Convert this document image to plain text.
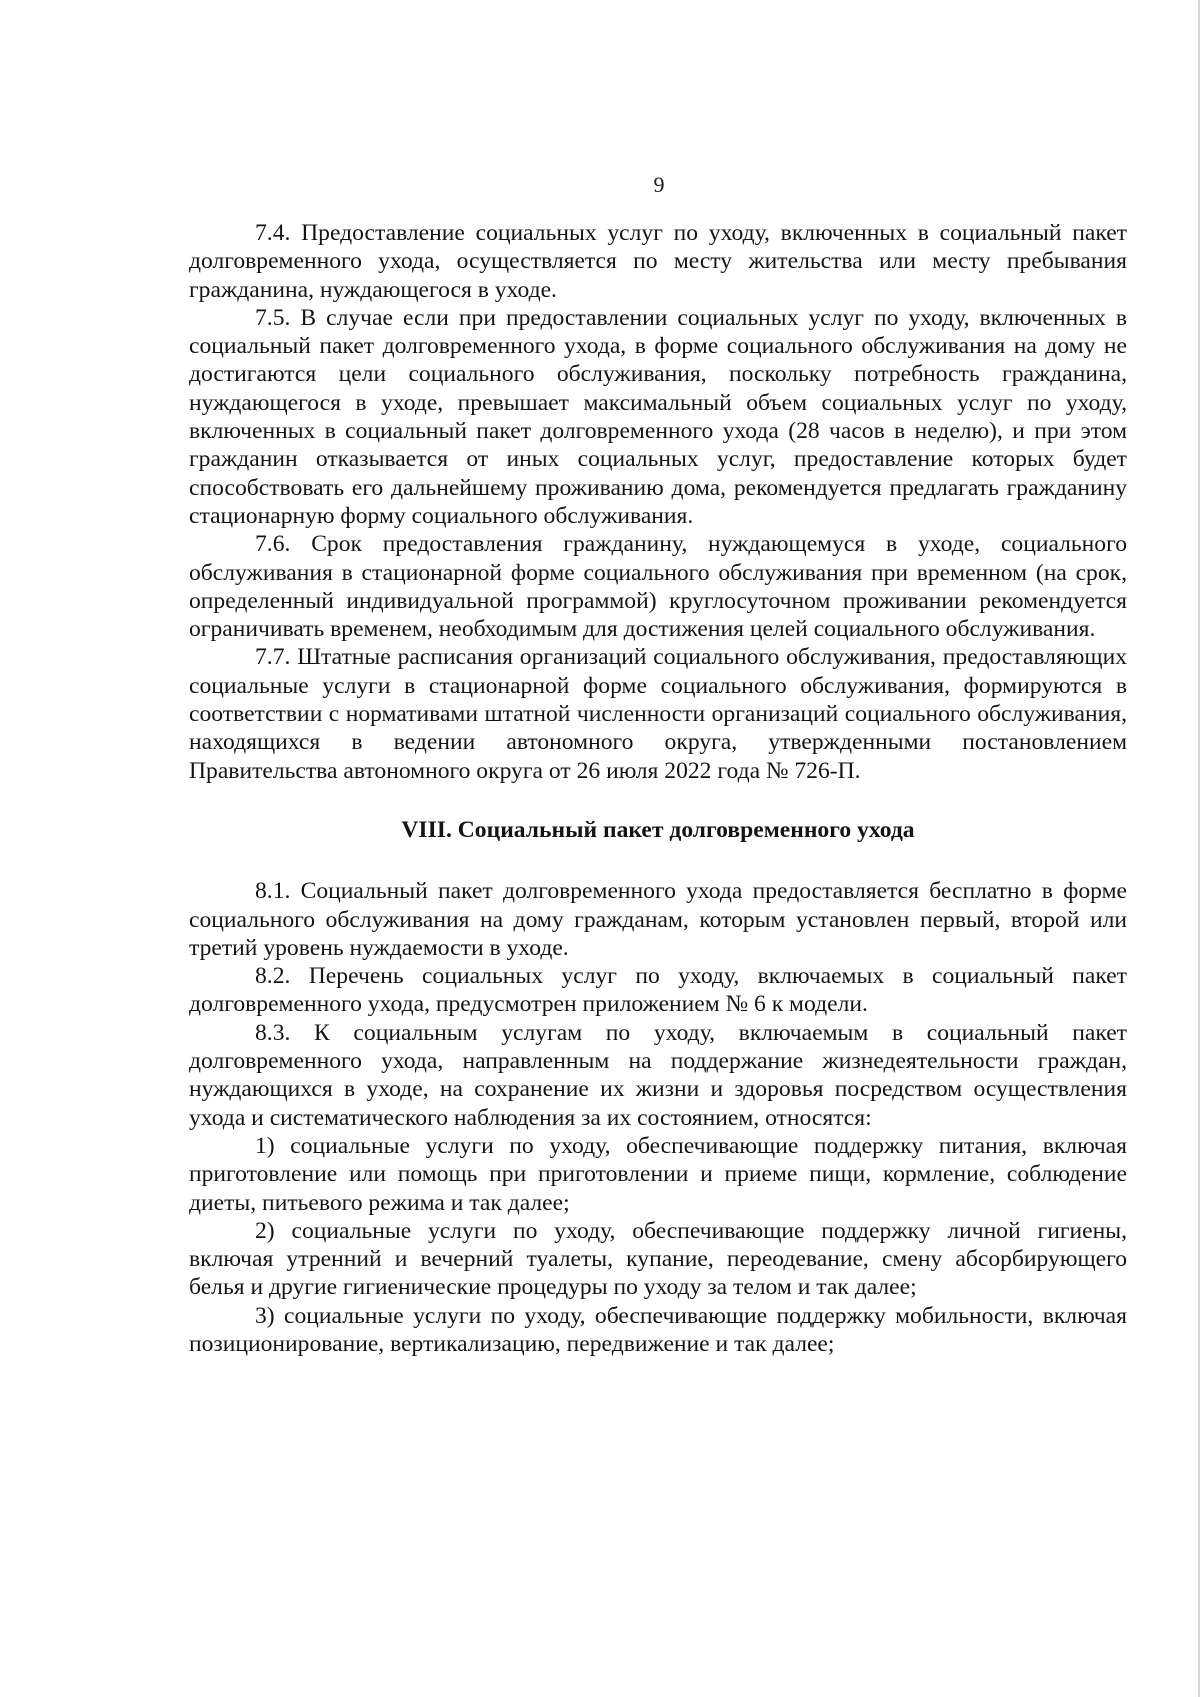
9

7.4. Предоставление социальных услуг по уходу, включенных в социальный пакет долговременного ухода, осуществляется по месту жительства или месту пребывания гражданина, нуждающегося в уходе.

7.5. В случае если при предоставлении социальных услуг по уходу, включенных в социальный пакет долговременного ухода, в форме социального обслуживания на дому не достигаются цели социального обслуживания, поскольку потребность гражданина, нуждающегося в уходе, превышает максимальный объем социальных услуг по уходу, включенных в социальный пакет долговременного ухода (28 часов в неделю), и при этом гражданин отказывается от иных социальных услуг, предоставление которых будет способствовать его дальнейшему проживанию дома, рекомендуется предлагать гражданину стационарную форму социального обслуживания.

7.6. Срок предоставления гражданину, нуждающемуся в уходе, социального обслуживания в стационарной форме социального обслуживания при временном (на срок, определенный индивидуальной программой) круглосуточном проживании рекомендуется ограничивать временем, необходимым для достижения целей социального обслуживания.

7.7. Штатные расписания организаций социального обслуживания, предоставляющих социальные услуги в стационарной форме социального обслуживания, формируются в соответствии с нормативами штатной численности организаций социального обслуживания, находящихся в ведении автономного округа, утвержденными постановлением Правительства автономного округа от 26 июля 2022 года № 726-П.

VIII. Социальный пакет долговременного ухода

8.1. Социальный пакет долговременного ухода предоставляется бесплатно в форме социального обслуживания на дому гражданам, которым установлен первый, второй или третий уровень нуждаемости в уходе.

8.2. Перечень социальных услуг по уходу, включаемых в социальный пакет долговременного ухода, предусмотрен приложением № 6 к модели.

8.3. К социальным услугам по уходу, включаемым в социальный пакет долговременного ухода, направленным на поддержание жизнедеятельности граждан, нуждающихся в уходе, на сохранение их жизни и здоровья посредством осуществления ухода и систематического наблюдения за их состоянием, относятся:

1) социальные услуги по уходу, обеспечивающие поддержку питания, включая приготовление или помощь при приготовлении и приеме пищи, кормление, соблюдение диеты, питьевого режима и так далее;

2) социальные услуги по уходу, обеспечивающие поддержку личной гигиены, включая утренний и вечерний туалеты, купание, переодевание, смену абсорбирующего белья и другие гигиенические процедуры по уходу за телом и так далее;

3) социальные услуги по уходу, обеспечивающие поддержку мобильности, включая позиционирование, вертикализацию, передвижение и так далее;
